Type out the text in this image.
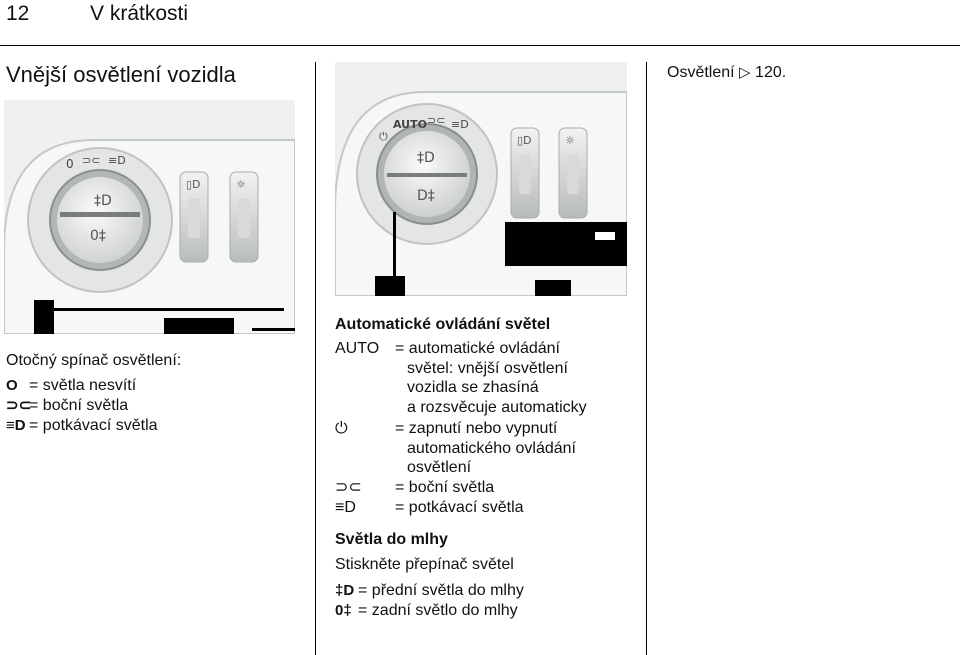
12	V krátkosti
Vnější osvětlení vozidla
‡D
0‡
0 ⊃⊂ ≡D
▯D	☼
‡D
D‡
⏻
AUTO ⊃⊂ ≡D
▯D	☼
Otočný spínač osvětlení:
O = světla nesvítí
⊃⊂= boční světla
≡D = potkávací světla
Automatické ovládání světel
AUTO = automatické ovládání
světel: vnější osvětlení
vozidla se zhasíná
a rozsvěcuje automaticky
⏻	= zapnutí nebo vypnutí
automatického ovládání
osvětlení
⊃⊂ = boční světla
≡D = potkávací světla
Světla do mlhy
Stiskněte přepínač světel
‡D = přední světla do mlhy
0‡ = zadní světlo do mlhy
Osvětlení ▷ 120.
